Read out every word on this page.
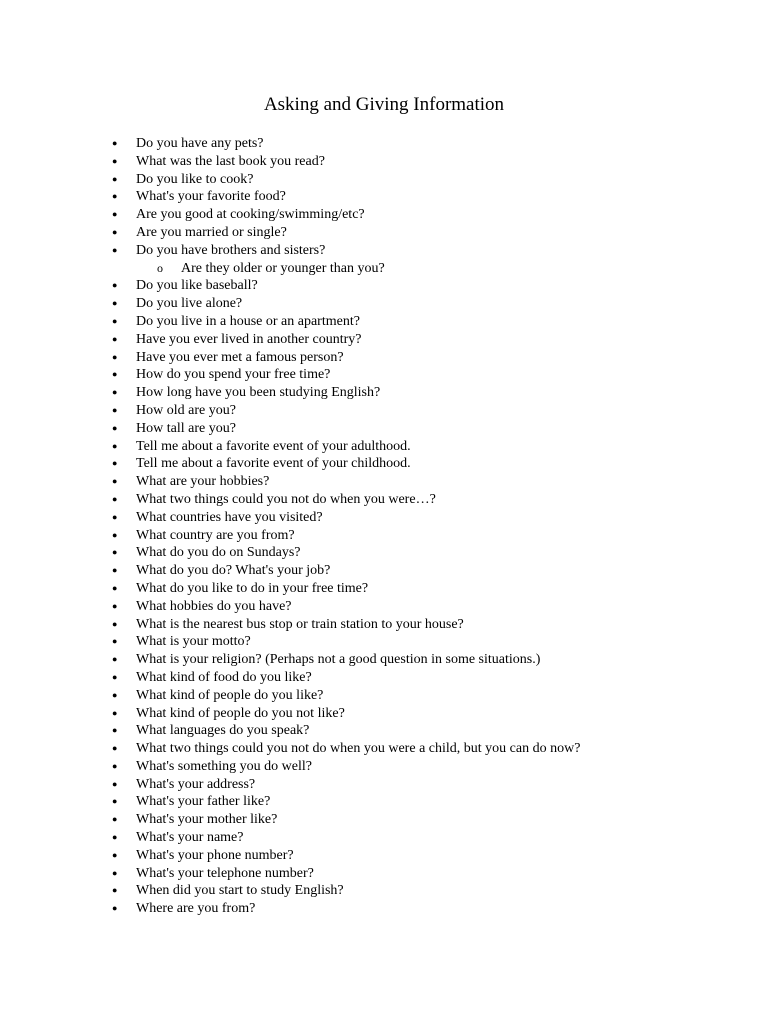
Asking and Giving Information
● Do you have any pets?
● What was the last book you read?
● Do you like to cook?
● What's your favorite food?
● Are you good at cooking/swimming/etc?
● Are you married or single?
● Do you have brothers and sisters?
o Are they older or younger than you?
● Do you like baseball?
● Do you live alone?
● Do you live in a house or an apartment?
● Have you ever lived in another country?
● Have you ever met a famous person?
● How do you spend your free time?
● How long have you been studying English?
● How old are you?
● How tall are you?
● Tell me about a favorite event of your adulthood.
● Tell me about a favorite event of your childhood.
● What are your hobbies?
● What two things could you not do when you were…?
● What countries have you visited?
● What country are you from?
● What do you do on Sundays?
● What do you do? What's your job?
● What do you like to do in your free time?
● What hobbies do you have?
● What is the nearest bus stop or train station to your house?
● What is your motto?
● What is your religion? (Perhaps not a good question in some situations.)
● What kind of food do you like?
● What kind of people do you like?
● What kind of people do you not like?
● What languages do you speak?
● What two things could you not do when you were a child, but you can do now?
● What's something you do well?
● What's your address?
● What's your father like?
● What's your mother like?
● What's your name?
● What's your phone number?
● What's your telephone number?
● When did you start to study English?
● Where are you from?
